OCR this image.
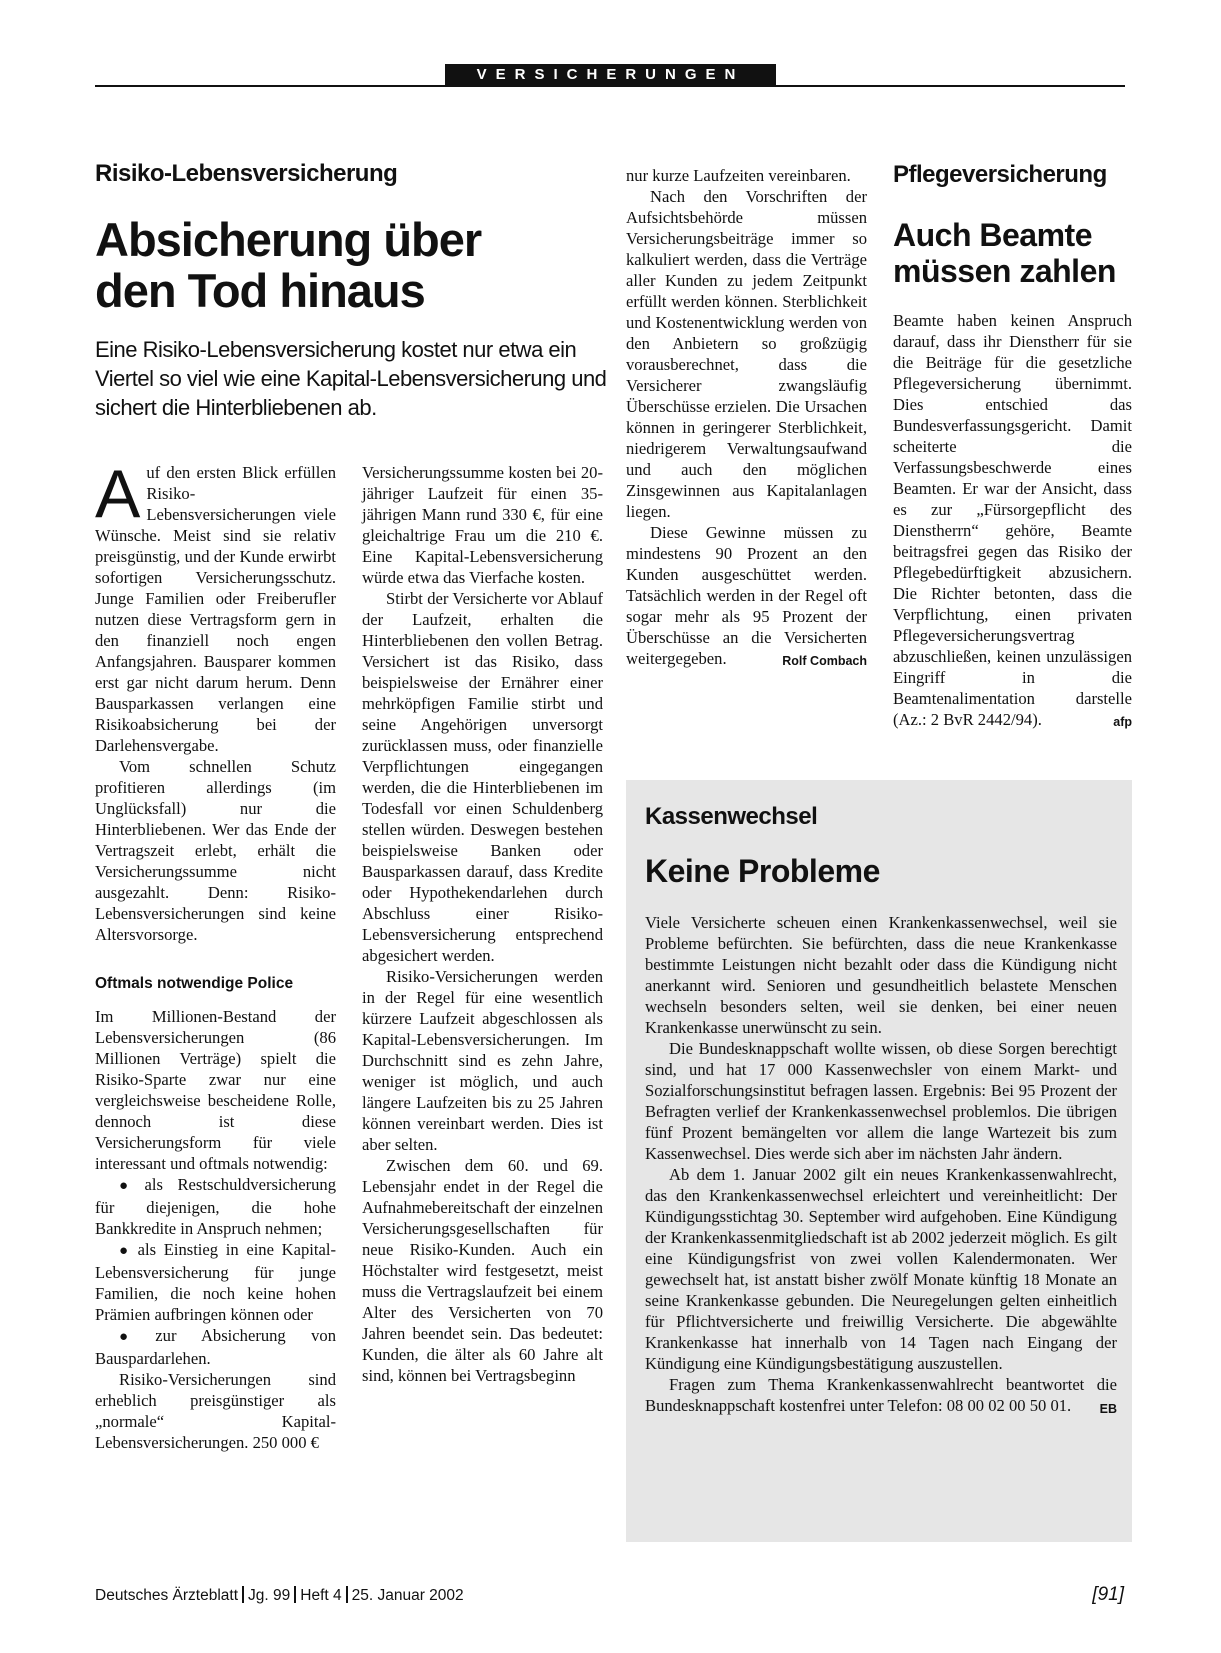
VERSICHERUNGEN
Risiko-Lebensversicherung
Absicherung über
den Tod hinaus
Eine Risiko-Lebensversicherung kostet nur etwa ein Viertel so viel wie eine Kapital-Lebensversicherung und sichert die Hinterbliebenen ab.

Auf den ersten Blick erfüllen Risiko-Lebensversicherungen viele Wünsche. Meist sind sie relativ preisgünstig, und der Kunde erwirbt sofortigen Versicherungsschutz. Junge Familien oder Freiberufler nutzen diese Vertragsform gern in den finanziell noch engen Anfangsjahren. Bausparer kommen erst gar nicht darum herum. Denn Bausparkassen verlangen eine Risikoabsicherung bei der Darlehensvergabe.

Vom schnellen Schutz profitieren allerdings (im Unglücksfall) nur die Hinterbliebenen. Wer das Ende der Vertragszeit erlebt, erhält die Versicherungssumme nicht ausgezahlt. Denn: Risiko-Lebensversicherungen sind keine Altersvorsorge.

Oftmals notwendige Police

Im Millionen-Bestand der Lebensversicherungen (86 Millionen Verträge) spielt die Risiko-Sparte zwar nur eine vergleichsweise bescheidene Rolle, dennoch ist diese Versicherungsform für viele interessant und oftmals notwendig:

● als Restschuldversicherung für diejenigen, die hohe Bankkredite in Anspruch nehmen;

● als Einstieg in eine Kapital-Lebensversicherung für junge Familien, die noch keine hohen Prämien aufbringen können oder

● zur Absicherung von Bauspardarlehen.

Risiko-Versicherungen sind erheblich preisgünstiger als „normale“ Kapital-Lebensversicherungen. 250 000 €

Versicherungssumme kosten bei 20-jähriger Laufzeit für einen 35-jährigen Mann rund 330 €, für eine gleichaltrige Frau um die 210 €. Eine Kapital-Lebensversicherung würde etwa das Vierfache kosten.

Stirbt der Versicherte vor Ablauf der Laufzeit, erhalten die Hinterbliebenen den vollen Betrag. Versichert ist das Risiko, dass beispielsweise der Ernährer einer mehrköpfigen Familie stirbt und seine Angehörigen unversorgt zurücklassen muss, oder finanzielle Verpflichtungen eingegangen werden, die die Hinterbliebenen im Todesfall vor einen Schuldenberg stellen würden. Deswegen bestehen beispielsweise Banken oder Bausparkassen darauf, dass Kredite oder Hypothekendarlehen durch Abschluss einer Risiko-Lebensversicherung entsprechend abgesichert werden.

Risiko-Versicherungen werden in der Regel für eine wesentlich kürzere Laufzeit abgeschlossen als Kapital-Lebensversicherungen. Im Durchschnitt sind es zehn Jahre, weniger ist möglich, und auch längere Laufzeiten bis zu 25 Jahren können vereinbart werden. Dies ist aber selten.

Zwischen dem 60. und 69. Lebensjahr endet in der Regel die Aufnahmebereitschaft der einzelnen Versicherungsgesellschaften für neue Risiko-Kunden. Auch ein Höchstalter wird festgesetzt, meist muss die Vertragslaufzeit bei einem Alter des Versicherten von 70 Jahren beendet sein. Das bedeutet: Kunden, die älter als 60 Jahre alt sind, können bei Vertragsbeginn

nur kurze Laufzeiten vereinbaren.

Nach den Vorschriften der Aufsichtsbehörde müssen Versicherungsbeiträge immer so kalkuliert werden, dass die Verträge aller Kunden zu jedem Zeitpunkt erfüllt werden können. Sterblichkeit und Kostenentwicklung werden von den Anbietern so großzügig vorausberechnet, dass die Versicherer zwangsläufig Überschüsse erzielen. Die Ursachen können in geringerer Sterblichkeit, niedrigerem Verwaltungsaufwand und auch den möglichen Zinsgewinnen aus Kapitalanlagen liegen.

Diese Gewinne müssen zu mindestens 90 Prozent an den Kunden ausgeschüttet werden. Tatsächlich werden in der Regel oft sogar mehr als 95 Prozent der Überschüsse an die Versicherten weitergegeben.	Rolf Combach

Pflegeversicherung
Auch Beamte
müssen zahlen

Beamte haben keinen Anspruch darauf, dass ihr Dienstherr für sie die Beiträge für die gesetzliche Pflegeversicherung übernimmt. Dies entschied das Bundesverfassungsgericht. Damit scheiterte die Verfassungsbeschwerde eines Beamten. Er war der Ansicht, dass es zur „Fürsorgepflicht des Dienstherrn“ gehöre, Beamte beitragsfrei gegen das Risiko der Pflegebedürftigkeit abzusichern. Die Richter betonten, dass die Verpflichtung, einen privaten Pflegeversicherungsvertrag abzuschließen, keinen unzulässigen Eingriff in die Beamtenalimentation darstelle (Az.: 2 BvR 2442/94).	afp

Kassenwechsel
Keine Probleme

Viele Versicherte scheuen einen Krankenkassenwechsel, weil sie Probleme befürchten. Sie befürchten, dass die neue Krankenkasse bestimmte Leistungen nicht bezahlt oder dass die Kündigung nicht anerkannt wird. Senioren und gesundheitlich belastete Menschen wechseln besonders selten, weil sie denken, bei einer neuen Krankenkasse unerwünscht zu sein.

Die Bundesknappschaft wollte wissen, ob diese Sorgen berechtigt sind, und hat 17 000 Kassenwechsler von einem Markt- und Sozialforschungsinstitut befragen lassen. Ergebnis: Bei 95 Prozent der Befragten verlief der Krankenkassenwechsel problemlos. Die übrigen fünf Prozent bemängelten vor allem die lange Wartezeit bis zum Kassenwechsel. Dies werde sich aber im nächsten Jahr ändern.

Ab dem 1. Januar 2002 gilt ein neues Krankenkassenwahlrecht, das den Krankenkassenwechsel erleichtert und vereinheitlicht: Der Kündigungsstichtag 30. September wird aufgehoben. Eine Kündigung der Krankenkassenmitgliedschaft ist ab 2002 jederzeit möglich. Es gilt eine Kündigungsfrist von zwei vollen Kalendermonaten. Wer gewechselt hat, ist anstatt bisher zwölf Monate künftig 18 Monate an seine Krankenkasse gebunden. Die Neuregelungen gelten einheitlich für Pflichtversicherte und freiwillig Versicherte. Die abgewählte Krankenkasse hat innerhalb von 14 Tagen nach Eingang der Kündigung eine Kündigungsbestätigung auszustellen.

Fragen zum Thema Krankenkassenwahlrecht beantwortet die Bundesknappschaft kostenfrei unter Telefon: 08 00 02 00 50 01.	EB
Deutsches Ärzteblatt Jg. 99 Heft 4 25. Januar 2002	[91]
